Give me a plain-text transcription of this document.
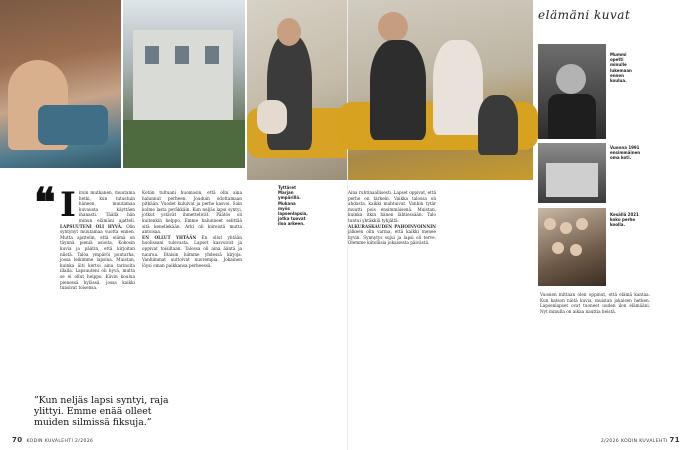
❝ I irsin mutkanen, muutama hetki, kun tutustuin häneen, muutamaa kuvausta käyttäen ihanasti. Täällä hän minun elämäni ajatteli. LAPSUUTENI OLI HYVÄ. Olin syntynyt muutamaa vuotta ennen. Mutta ajattelin, että elämä on täynnä pieniä asioita. Kokosin kuvia ja päätin, että kirjoitan niistä. Taloa ympäröi puutarha, jossa leikimme lapsina. Muistan, kuinka äiti kertoi aina tarinoita illalla. Lapsuuteni oli hyvä, mutta se ei ollut helppo. Kävin koulua pienessä kylässä, jossa kaikki tunsivat toisensa.
Kotiin tultuani huomasin, että olin aina halunnut perheen. Jouduin odottamaan pitkään. Vuodet kuluivat ja perhe kasvoi. Sain kolme lasta peräkkäin. Kun neljäs lapsi syntyi, jotkut ystävät ihmettelivät. Päätös oli kuitenkin helppo. Emme halunneet selittää sitä kenellekään. Arki oli kiireistä mutta antoisaa.
EN OLLUT YHTÄÄN En ollut yhtään huolissani tulevasta. Lapset kasvoivat ja oppivat toisiltaan. Talossa oli aina ääntä ja naurua. Iltaisin luimme yhdessä kirjoja. Vanhimmat auttoivat nuorempia. Jokainen löysi oman paikkansa perheessä.
”Kun neljäs lapsi syntyi, raja ylittyi. Emme enää olleet muiden silmissä fiksuja.”
70 KODIN KUVALEHTI 2/2026
elämäni kuvat
Mummi opetti minulle lukemaan ennen koulua.
Vuonna 1991 ensimmäinen oma koti.
Kesällä 2021 koko perhe koolla.
Tyttäret Marjan ympärillä. Mukana myös lapsenlapsia, jotka tuovat iloa arkeen.
Aina ruhtinaallisesti. Lapset oppivat, että perhe on tärkein. Vaikka talossa oli ahdasta, kaikki mahtuivat. Vanhin tytär muutti pois ensimmäisenä. Muistan, kuinka itkin hänen lähtiessään. Talo tuntui yhtäkkiä tyhjältä.
ALKURASKAUDEN PAHOINVOINNIN jälkeen olin varma, että kaikki menee hyvin. Synnytys sujui ja lapsi oli terve. Olemme kiitollisia jokaisesta päivästä.
Vuosien mittaan olen oppinut, että elämä kantaa. Kun katson näitä kuvia, muistan jokaisen hetken. Lapsenlapset ovat tuoneet uuden ilon elämääni. Nyt minulla on aikaa nauttia heistä.
2/2026 KODIN KUVALEHTI 71
